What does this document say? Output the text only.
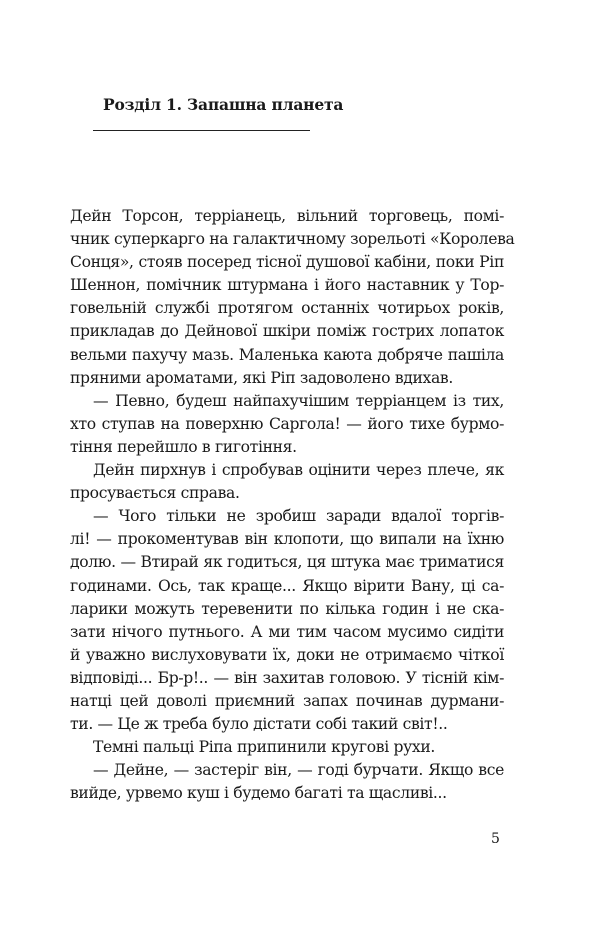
Розділ 1. Запашна планета
Дейн Торсон, терріанець, вільний торговець, помі-
чник суперкарго на галактичному зорельоті «Королева
Сонця», стояв посеред тісної душової кабіни, поки Ріп
Шеннон, помічник штурмана і його наставник у Тор-
говельній службі протягом останніх чотирьох років,
прикладав до Дейнової шкіри поміж гострих лопаток
вельми пахучу мазь. Маленька каюта добряче пашіла
пряними ароматами, які Ріп задоволено вдихав.
— Певно, будеш найпахучішим терріанцем із тих,
хто ступав на поверхню Саргола! — його тихе бурмо-
тіння перейшло в гиготіння.
Дейн пирхнув і спробував оцінити через плече, як
просувається справа.
— Чого тільки не зробиш заради вдалої торгів-
лі! — прокоментував він клопоти, що випали на їхню
долю. — Втирай як годиться, ця штука має триматися
годинами. Ось, так краще... Якщо вірити Вану, ці са-
ларики можуть теревенити по кілька годин і не ска-
зати нічого путнього. А ми тим часом мусимо сидіти
й уважно вислуховувати їх, доки не отримаємо чіткої
відповіді... Бр-р!.. — він захитав головою. У тісній кім-
натці цей доволі приємний запах починав дурмани-
ти. — Це ж треба було дістати собі такий світ!..
Темні пальці Ріпа припинили кругові рухи.
— Дейне, — застеріг він, — годі бурчати. Якщо все
вийде, урвемо куш і будемо багаті та щасливі...
5
